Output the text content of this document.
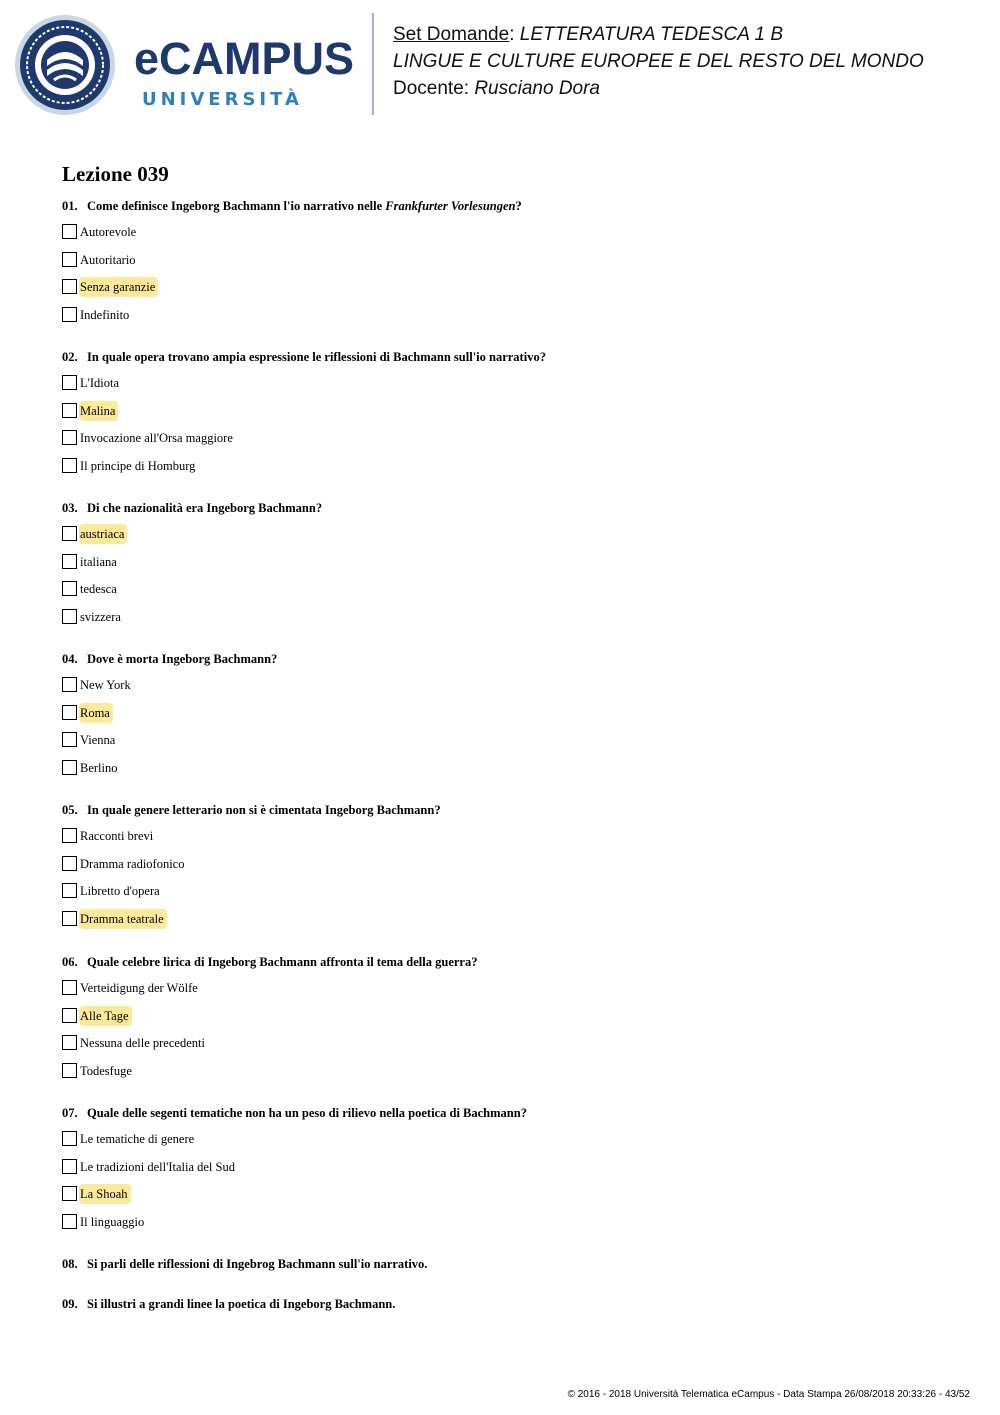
eCAMPUS
UNIVERSITÀ
Set Domande: LETTERATURA TEDESCA 1 B
LINGUE E CULTURE EUROPEE E DEL RESTO DEL MONDO
Docente: Rusciano Dora
Lezione 039
01. Come definisce Ingeborg Bachmann l'io narrativo nelle Frankfurter Vorlesungen?
Autorevole
Autoritario
Senza garanzie
Indefinito
02. In quale opera trovano ampia espressione le riflessioni di Bachmann sull'io narrativo?
L'Idiota
Malina
Invocazione all'Orsa maggiore
Il principe di Homburg
03. Di che nazionalità era Ingeborg Bachmann?
austriaca
italiana
tedesca
svizzera
04. Dove è morta Ingeborg Bachmann?
New York
Roma
Vienna
Berlino
05. In quale genere letterario non si è cimentata Ingeborg Bachmann?
Racconti brevi
Dramma radiofonico
Libretto d'opera
Dramma teatrale
06. Quale celebre lirica di Ingeborg Bachmann affronta il tema della guerra?
Verteidigung der Wölfe
Alle Tage
Nessuna delle precedenti
Todesfuge
07. Quale delle segenti tematiche non ha un peso di rilievo nella poetica di Bachmann?
Le tematiche di genere
Le tradizioni dell'Italia del Sud
La Shoah
Il linguaggio
08. Si parli delle riflessioni di Ingebrog Bachmann sull'io narrativo.
09. Si illustri a grandi linee la poetica di Ingeborg Bachmann.
© 2016 - 2018 Università Telematica eCampus - Data Stampa 26/08/2018 20:33:26 - 43/52
